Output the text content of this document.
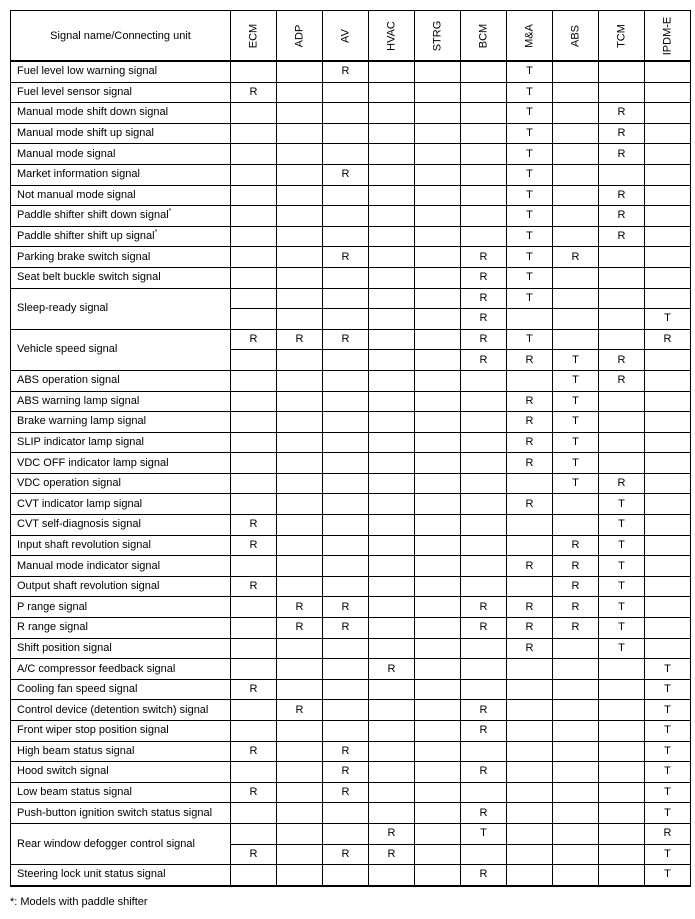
Signal name/Connecting unit	ECM	ADP	AV	HVAC	STRG	BCM	M&A	ABS	TCM	IPDM-E

Fuel level low warning signal			R				T			
Fuel level sensor signal	R						T			
Manual mode shift down signal							T		R	
Manual mode shift up signal							T		R	
Manual mode signal							T		R	
Market information signal			R				T			
Not manual mode signal							T		R	
Paddle shifter shift down signal*							T		R	
Paddle shifter shift up signal*							T		R	
Parking brake switch signal			R			R	T	R		
Seat belt buckle switch signal						R	T			
Sleep-ready signal						R	T			
						R				T
Vehicle speed signal	R	R	R			R	T			R
						R	R	T	R	
ABS operation signal								T	R	
ABS warning lamp signal							R	T		
Brake warning lamp signal							R	T		
SLIP indicator lamp signal							R	T		
VDC OFF indicator lamp signal							R	T		
VDC operation signal								T	R	
CVT indicator lamp signal							R		T	
CVT self-diagnosis signal	R								T	
Input shaft revolution signal	R							R	T	
Manual mode indicator signal							R	R	T	
Output shaft revolution signal	R							R	T	
P range signal		R	R			R	R	R	T	
R range signal		R	R			R	R	R	T	
Shift position signal							R		T	
A/C compressor feedback signal				R						T
Cooling fan speed signal	R									T
Control device (detention switch) signal		R				R				T
Front wiper stop position signal						R				T
High beam status signal	R		R							T
Hood switch signal			R			R				T
Low beam status signal	R		R							T
Push-button ignition switch status signal						R				T
Rear window defogger control signal				R		T				R
	R		R	R						T
Steering lock unit status signal						R				T
*: Models with paddle shifter
